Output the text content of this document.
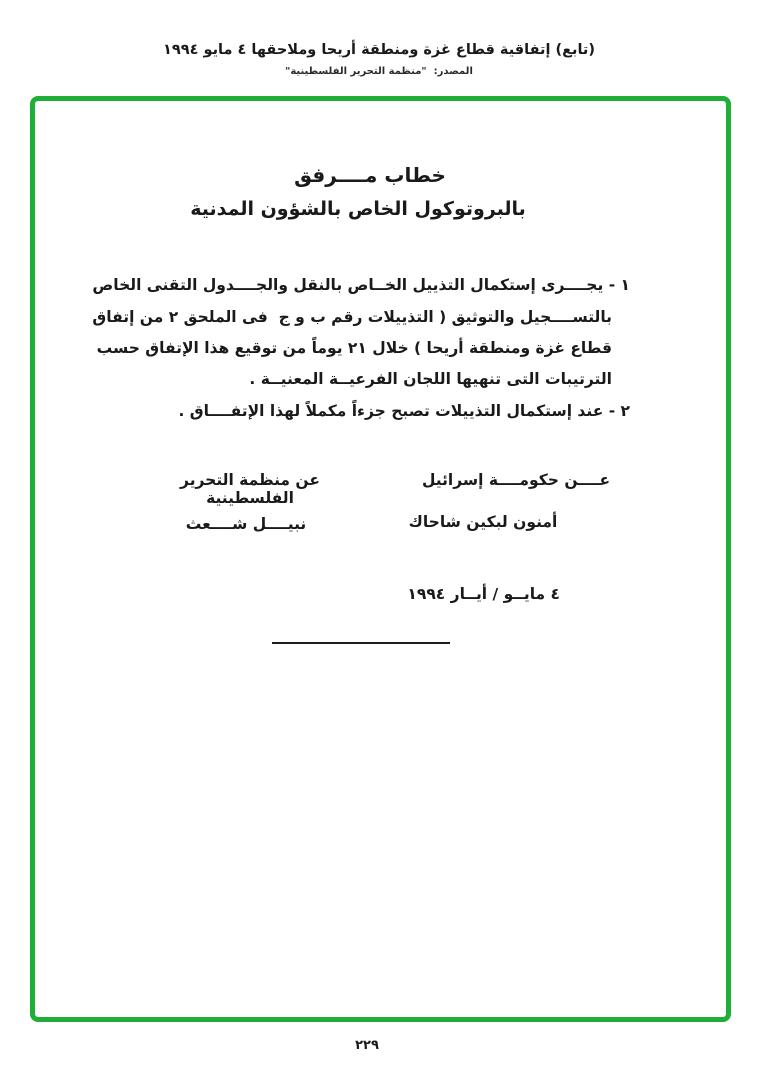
(تابع) إتفاقية قطاع غزة ومنطقة أريحا وملاحقها ٤ مايو ١٩٩٤
المصدر:  "منظمة التحرير الفلسطينية"
خطاب مــــرفق
بالبروتوكول الخاص بالشؤون المدنية
١ - يجــــرى إستكمال التذييل الخــاص بالنقل والجــــدول التقنى الخاص
بالتســــجيل والتوثيق ( التذييلات رقم ب و ج  فى الملحق ٢ من إتفاق
قطاع غزة ومنطقة أريحا ) خلال ٢١ يوماً من توقيع هذا الإتفاق حسب
الترتيبات التى تنهيها اللجان الفرعيــة المعنيــة .
٢ - عند إستكمال التذييلات تصبح جزءاً مكملاً لهذا الإتفــــاق .
عــــن حكومــــة إسرائيل
أمنون لبكين شاحاك
عن منظمة التحرير الفلسطينية
نبيــــل شــــعث
٤ مايــو / أيــار ١٩٩٤
٢٢٩
